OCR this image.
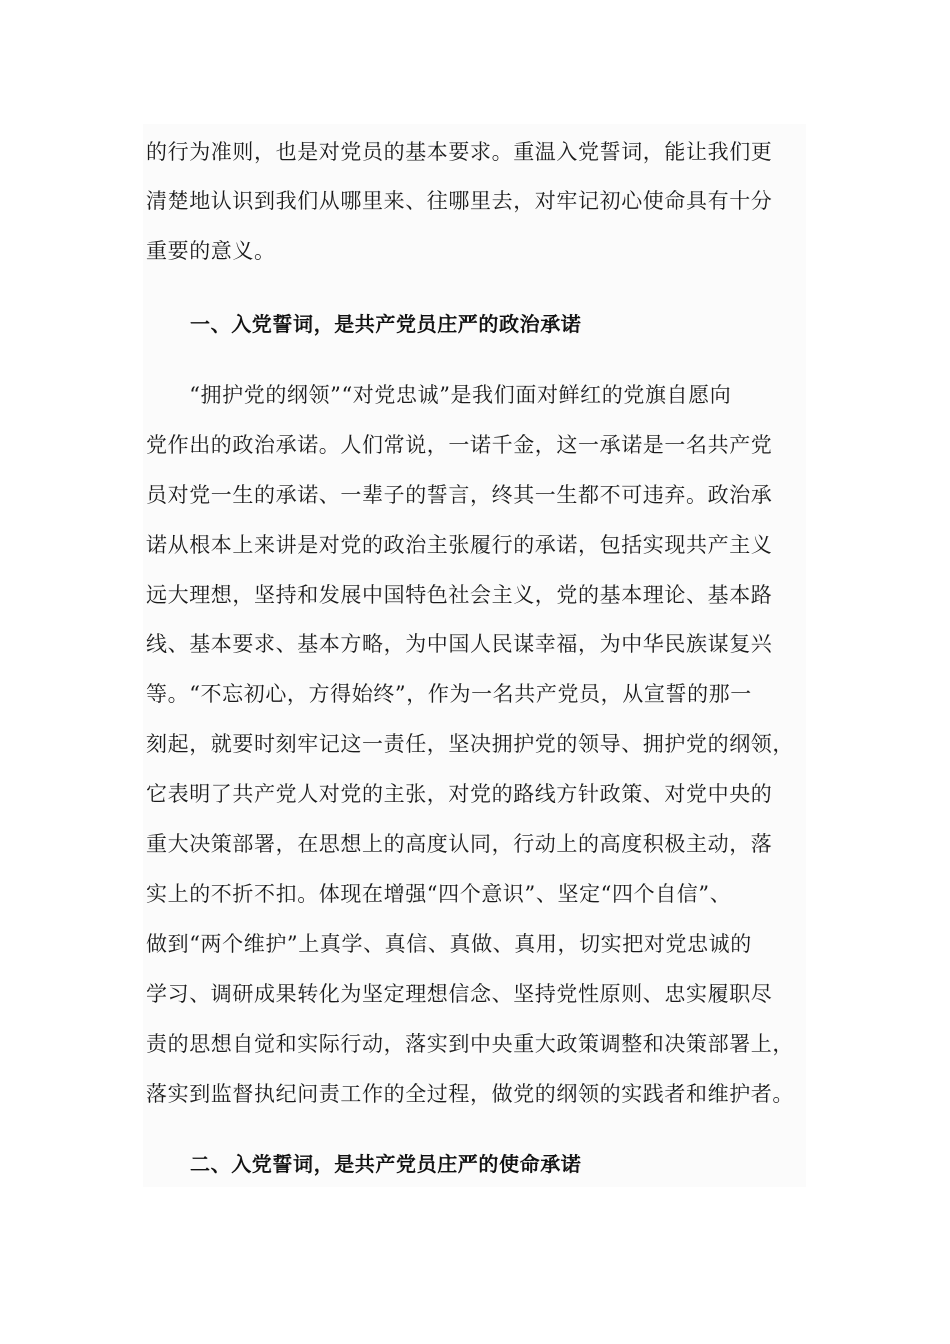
的行为准则，也是对党员的基本要求。重温入党誓词，能让我们更
清楚地认识到我们从哪里来、往哪里去，对牢记初心使命具有十分
重要的意义。
一、入党誓词，是共产党员庄严的政治承诺
　　“拥护党的纲领”“对党忠诚”是我们面对鲜红的党旗自愿向
党作出的政治承诺。人们常说，一诺千金，这一承诺是一名共产党
员对党一生的承诺、一辈子的誓言，终其一生都不可违弃。政治承
诺从根本上来讲是对党的政治主张履行的承诺，包括实现共产主义
远大理想，坚持和发展中国特色社会主义，党的基本理论、基本路
线、基本要求、基本方略，为中国人民谋幸福，为中华民族谋复兴
等。“不忘初心，方得始终”，作为一名共产党员，从宣誓的那一
刻起，就要时刻牢记这一责任，坚决拥护党的领导、拥护党的纲领，
它表明了共产党人对党的主张，对党的路线方针政策、对党中央的
重大决策部署，在思想上的高度认同，行动上的高度积极主动，落
实上的不折不扣。体现在增强“四个意识”、坚定“四个自信”、
做到“两个维护”上真学、真信、真做、真用，切实把对党忠诚的
学习、调研成果转化为坚定理想信念、坚持党性原则、忠实履职尽
责的思想自觉和实际行动，落实到中央重大政策调整和决策部署上，
落实到监督执纪问责工作的全过程，做党的纲领的实践者和维护者。
二、入党誓词，是共产党员庄严的使命承诺
